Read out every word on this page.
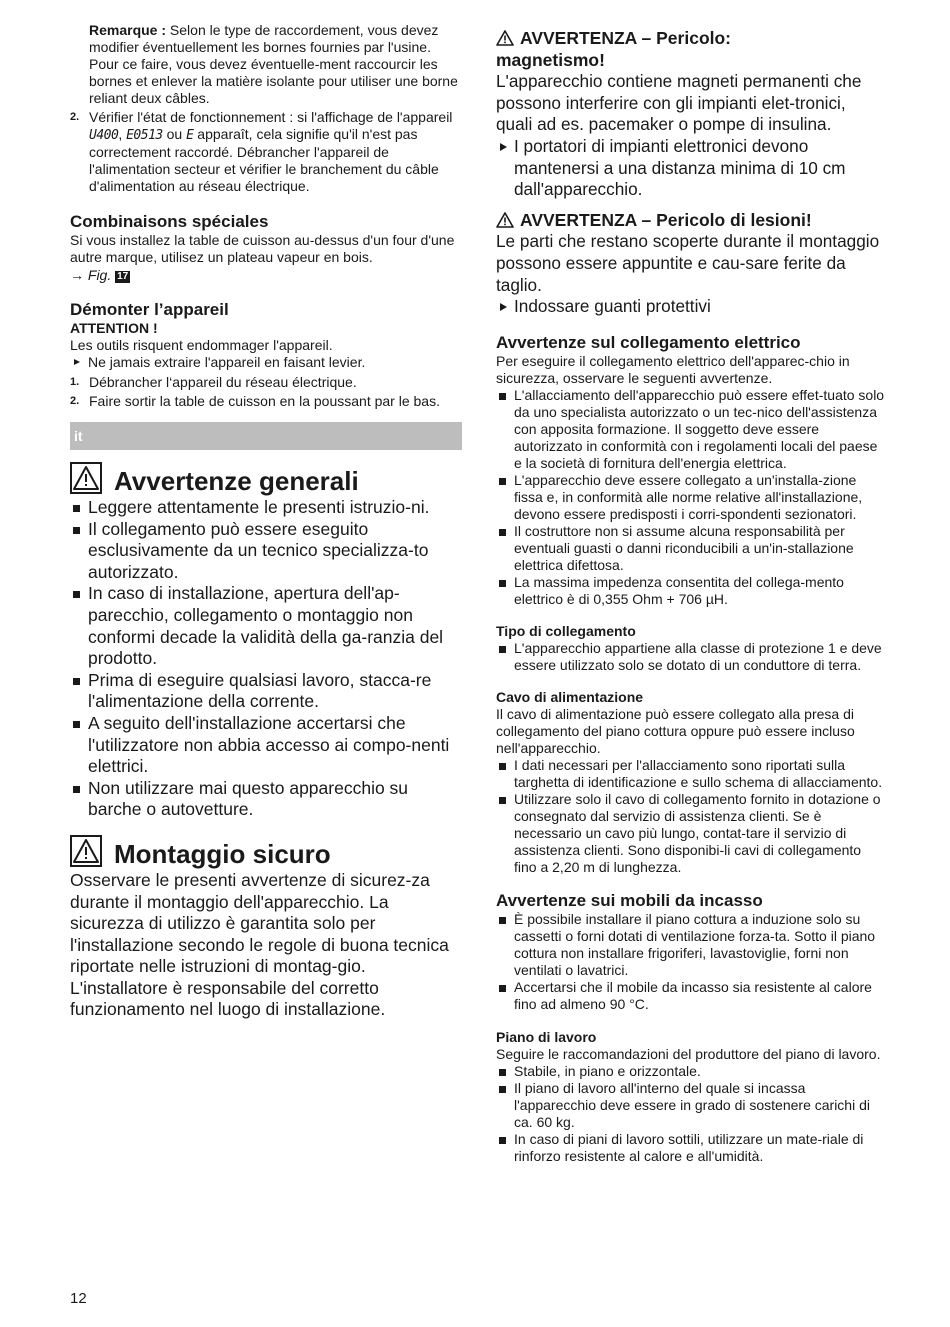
Remarque : Selon le type de raccordement, vous devez modifier éventuellement les bornes fournies par l'usine. Pour ce faire, vous devez éventuelle-ment raccourcir les bornes et enlever la matière isolante pour utiliser une borne reliant deux câbles.

2. Vérifier l'état de fonctionnement : si l'affichage de l'appareil U400, E0513 ou E apparaît, cela signifie qu'il n'est pas correctement raccordé. Débrancher l'appareil de l'alimentation secteur et vérifier le branchement du câble d'alimentation au réseau électrique.

Combinaisons spéciales

Si vous installez la table de cuisson au-dessus d'un four d'une autre marque, utilisez un plateau vapeur en bois.

→ Fig. 17

Démonter l’appareil
ATTENTION !

Les outils risquent endommager l'appareil.

Ne jamais extraire l'appareil en faisant levier.

1. Débrancher l‘appareil du réseau électrique.

2. Faire sortir la table de cuisson en la poussant par le bas.

it
Avvertenze generali

Leggere attentamente le presenti istruzio-ni.

Il collegamento può essere eseguito esclusivamente da un tecnico specializza-to autorizzato.

In caso di installazione, apertura dell'ap-parecchio, collegamento o montaggio non conformi decade la validità della ga-ranzia del prodotto.

Prima di eseguire qualsiasi lavoro, stacca-re l'alimentazione della corrente.

A seguito dell'installazione accertarsi che l'utilizzatore non abbia accesso ai compo-nenti elettrici.

Non utilizzare mai questo apparecchio su barche o autovetture.

Montaggio sicuro

Osservare le presenti avvertenze di sicurez-za durante il montaggio dell'apparecchio. La sicurezza di utilizzo è garantita solo per l'installazione secondo le regole di buona tecnica riportate nelle istruzioni di montag-gio. L'installatore è responsabile del corretto funzionamento nel luogo di installazione.

AVVERTENZA – Pericolo:
magnetismo!

L'apparecchio contiene magneti permanenti che possono interferire con gli impianti elet-tronici, quali ad es. pacemaker o pompe di insulina.

I portatori di impianti elettronici devono mantenersi a una distanza minima di 10 cm dall'apparecchio.

AVVERTENZA – Pericolo di lesioni!

Le parti che restano scoperte durante il montaggio possono essere appuntite e cau-sare ferite da taglio.

Indossare guanti protettivi

Avvertenze sul collegamento elettrico

Per eseguire il collegamento elettrico dell'apparec-chio in sicurezza, osservare le seguenti avvertenze.

L'allacciamento dell'apparecchio può essere effet-tuato solo da uno specialista autorizzato o un tec-nico dell'assistenza con apposita formazione. Il soggetto deve essere autorizzato in conformità con i regolamenti locali del paese e la società di fornitura dell'energia elettrica.

L'apparecchio deve essere collegato a un'installa-zione fissa e, in conformità alle norme relative all'installazione, devono essere predisposti i corri-spondenti sezionatori.

Il costruttore non si assume alcuna responsabilità per eventuali guasti o danni riconducibili a un'in-stallazione elettrica difettosa.

La massima impedenza consentita del collega-mento elettrico è di 0,355 Ohm + 706 µH.

Tipo di collegamento

L'apparecchio appartiene alla classe di protezione 1 e deve essere utilizzato solo se dotato di un conduttore di terra.

Cavo di alimentazione

Il cavo di alimentazione può essere collegato alla presa di collegamento del piano cottura oppure può essere incluso nell'apparecchio.

I dati necessari per l'allacciamento sono riportati sulla targhetta di identificazione e sullo schema di allacciamento.

Utilizzare solo il cavo di collegamento fornito in dotazione o consegnato dal servizio di assistenza clienti. Se è necessario un cavo più lungo, contat-tare il servizio di assistenza clienti. Sono disponibi-li cavi di collegamento fino a 2,20 m di lunghezza.

Avvertenze sui mobili da incasso

È possibile installare il piano cottura a induzione solo su cassetti o forni dotati di ventilazione forza-ta. Sotto il piano cottura non installare frigoriferi, lavastoviglie, forni non ventilati o lavatrici.

Accertarsi che il mobile da incasso sia resistente al calore fino ad almeno 90 °C.

Piano di lavoro

Seguire le raccomandazioni del produttore del piano di lavoro.

Stabile, in piano e orizzontale.

Il piano di lavoro all'interno del quale si incassa l'apparecchio deve essere in grado di sostenere carichi di ca. 60 kg.

In caso di piani di lavoro sottili, utilizzare un mate-riale di rinforzo resistente al calore e all'umidità.

12
